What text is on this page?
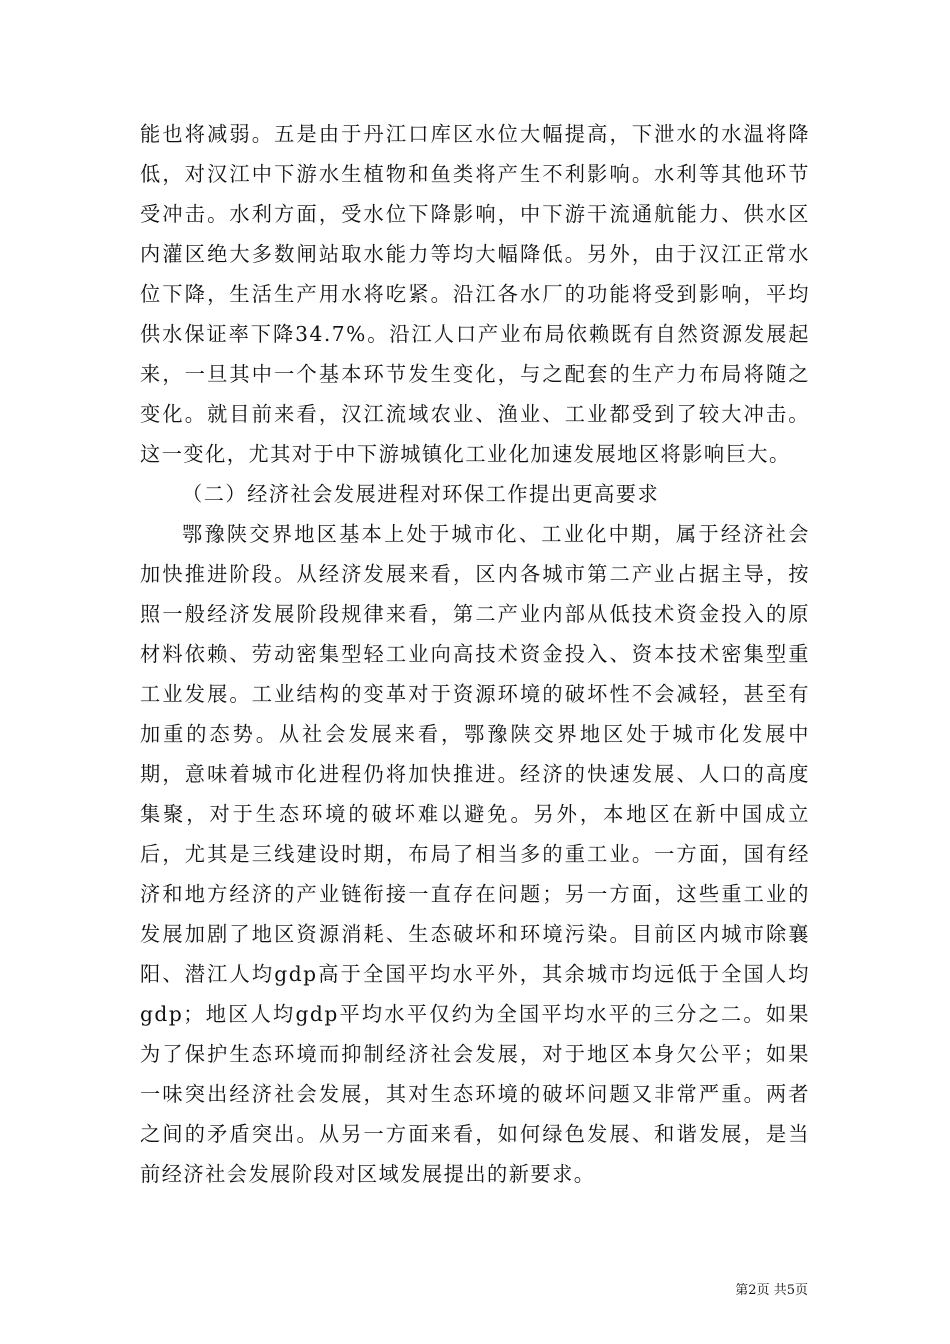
能也将减弱。五是由于丹江口库区水位大幅提高，下泄水的水温将降低，对汉江中下游水生植物和鱼类将产生不利影响。水利等其他环节受冲击。水利方面，受水位下降影响，中下游干流通航能力、供水区内灌区绝大多数闸站取水能力等均大幅降低。另外，由于汉江正常水位下降，生活生产用水将吃紧。沿江各水厂的功能将受到影响，平均供水保证率下降34.7%。沿江人口产业布局依赖既有自然资源发展起来，一旦其中一个基本环节发生变化，与之配套的生产力布局将随之变化。就目前来看，汉江流域农业、渔业、工业都受到了较大冲击。这一变化，尤其对于中下游城镇化工业化加速发展地区将影响巨大。

（二）经济社会发展进程对环保工作提出更高要求

鄂豫陕交界地区基本上处于城市化、工业化中期，属于经济社会加快推进阶段。从经济发展来看，区内各城市第二产业占据主导，按照一般经济发展阶段规律来看，第二产业内部从低技术资金投入的原材料依赖、劳动密集型轻工业向高技术资金投入、资本技术密集型重工业发展。工业结构的变革对于资源环境的破坏性不会减轻，甚至有加重的态势。从社会发展来看，鄂豫陕交界地区处于城市化发展中期，意味着城市化进程仍将加快推进。经济的快速发展、人口的高度集聚，对于生态环境的破坏难以避免。另外，本地区在新中国成立后，尤其是三线建设时期，布局了相当多的重工业。一方面，国有经济和地方经济的产业链衔接一直存在问题；另一方面，这些重工业的发展加剧了地区资源消耗、生态破坏和环境污染。目前区内城市除襄阳、潜江人均gdp高于全国平均水平外，其余城市均远低于全国人均gdp；地区人均gdp平均水平仅约为全国平均水平的三分之二。如果为了保护生态环境而抑制经济社会发展，对于地区本身欠公平；如果一味突出经济社会发展，其对生态环境的破坏问题又非常严重。两者之间的矛盾突出。从另一方面来看，如何绿色发展、和谐发展，是当前经济社会发展阶段对区域发展提出的新要求。

第2页 共5页
